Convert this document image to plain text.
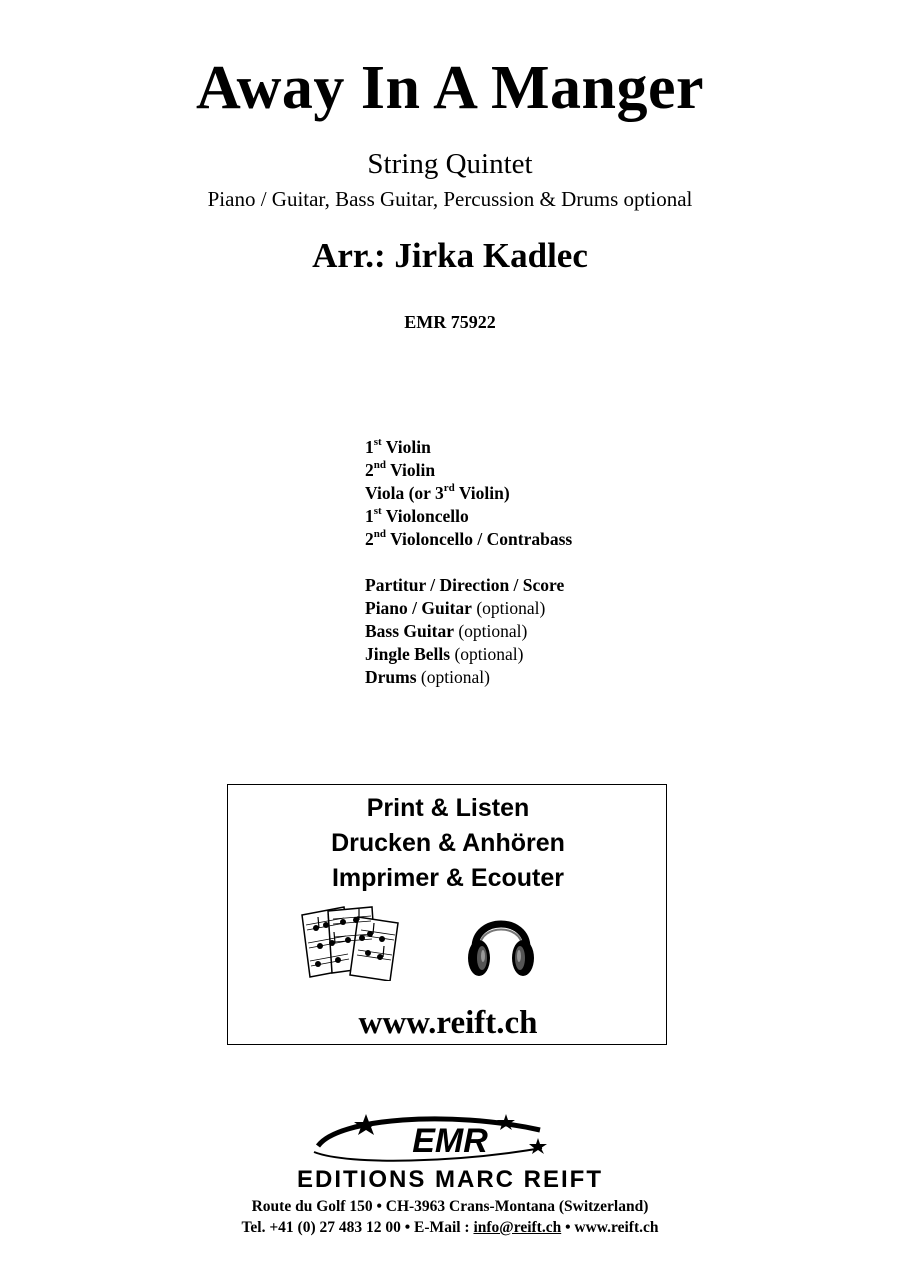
Away In A Manger
String Quintet
Piano / Guitar, Bass Guitar, Percussion & Drums optional
Arr.: Jirka Kadlec
EMR 75922
1st Violin
2nd Violin
Viola (or 3rd Violin)
1st Violoncello
2nd Violoncello / Contrabass
Partitur / Direction / Score
Piano / Guitar (optional)
Bass Guitar (optional)
Jingle Bells (optional)
Drums (optional)
Print & Listen
Drucken & Anhören
Imprimer & Ecouter
www.reift.ch
EMR
EDITIONS MARC REIFT
Route du Golf 150 • CH-3963 Crans-Montana (Switzerland)
Tel. +41 (0) 27 483 12 00 • E-Mail : info@reift.ch • www.reift.ch
